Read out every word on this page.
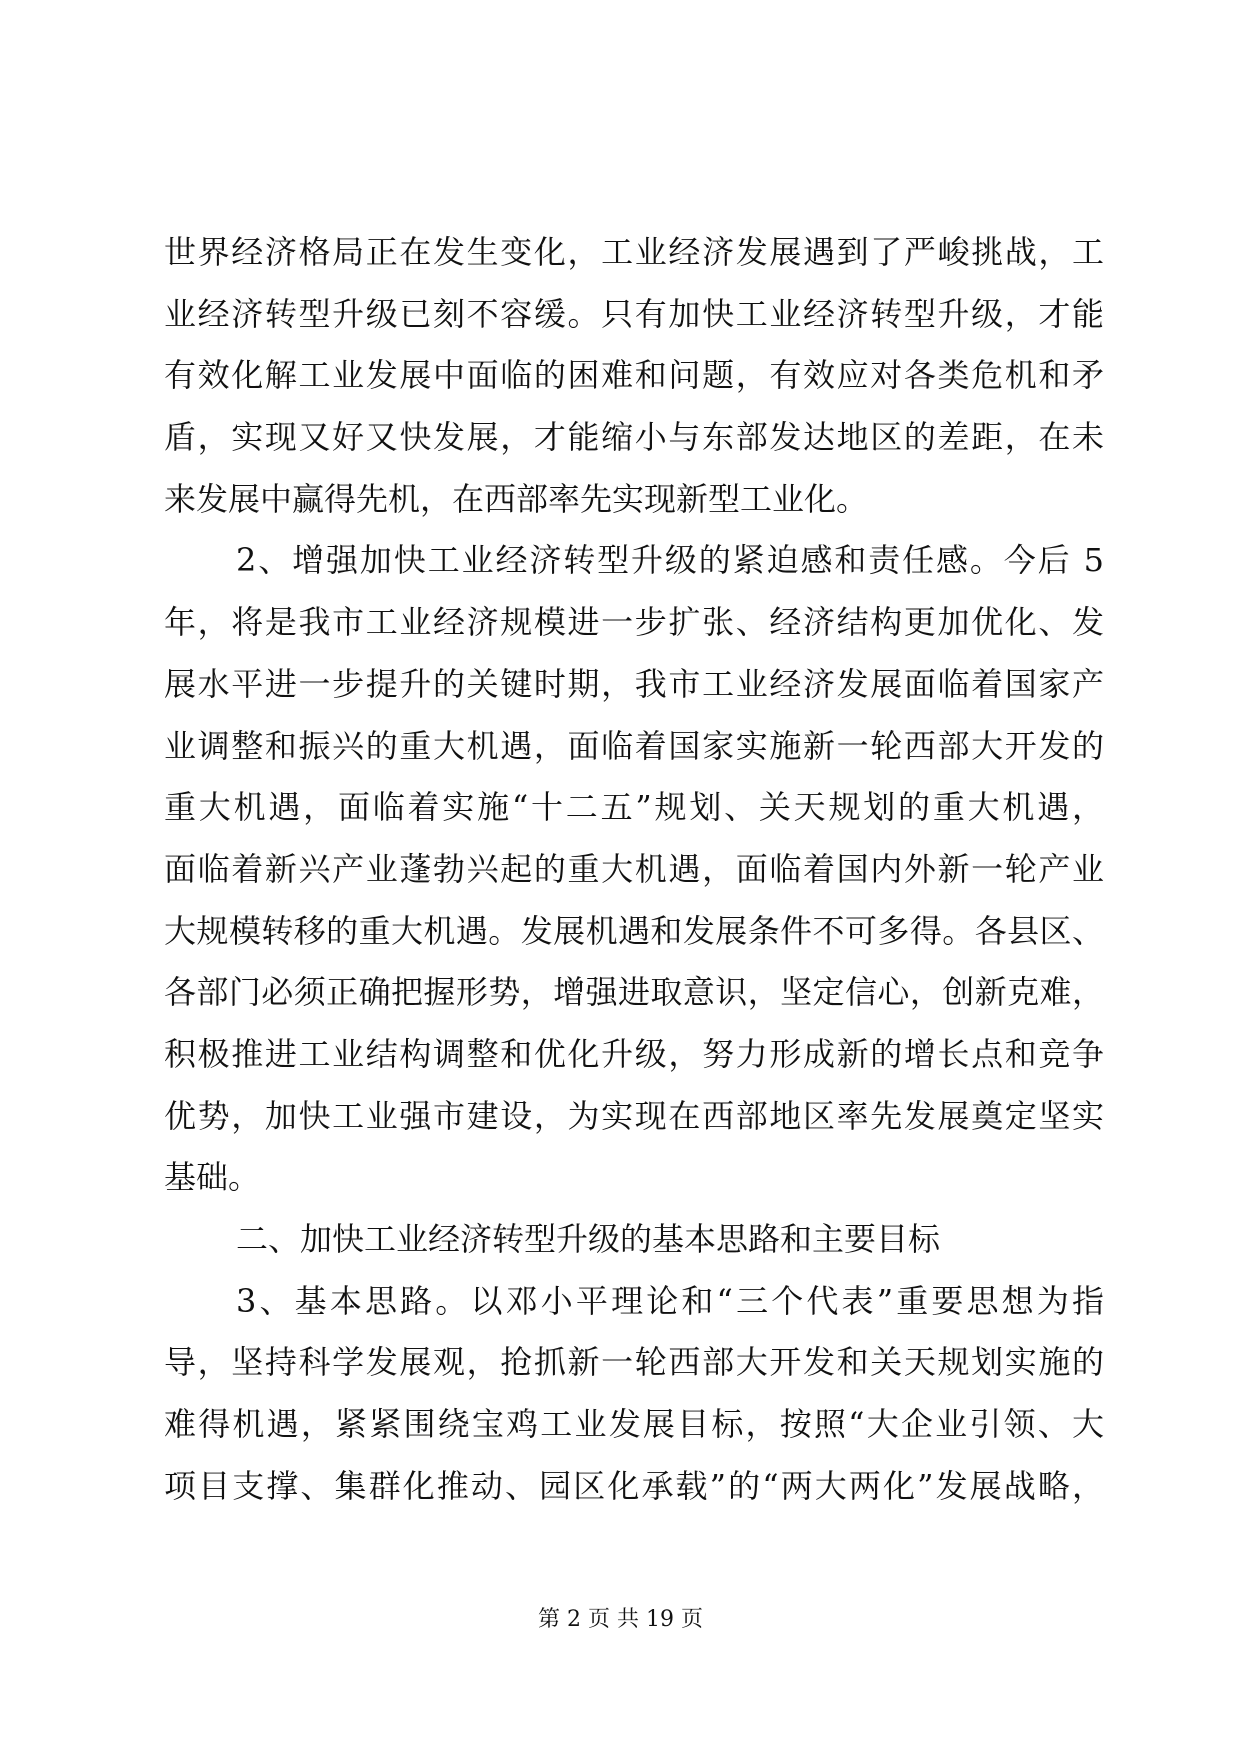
世界经济格局正在发生变化，工业经济发展遇到了严峻挑战，工
业经济转型升级已刻不容缓。只有加快工业经济转型升级，才能
有效化解工业发展中面临的困难和问题，有效应对各类危机和矛
盾，实现又好又快发展，才能缩小与东部发达地区的差距，在未
来发展中赢得先机，在西部率先实现新型工业化。
2、增强加快工业经济转型升级的紧迫感和责任感。今后 5
年，将是我市工业经济规模进一步扩张、经济结构更加优化、发
展水平进一步提升的关键时期，我市工业经济发展面临着国家产
业调整和振兴的重大机遇，面临着国家实施新一轮西部大开发的
重大机遇，面临着实施“十二五”规划、关天规划的重大机遇，
面临着新兴产业蓬勃兴起的重大机遇，面临着国内外新一轮产业
大规模转移的重大机遇。发展机遇和发展条件不可多得。各县区、
各部门必须正确把握形势，增强进取意识，坚定信心，创新克难，
积极推进工业结构调整和优化升级，努力形成新的增长点和竞争
优势，加快工业强市建设，为实现在西部地区率先发展奠定坚实
基础。
二、加快工业经济转型升级的基本思路和主要目标
3、基本思路。以邓小平理论和“三个代表”重要思想为指
导，坚持科学发展观，抢抓新一轮西部大开发和关天规划实施的
难得机遇，紧紧围绕宝鸡工业发展目标，按照“大企业引领、大
项目支撑、集群化推动、园区化承载”的“两大两化”发展战略，
第 2 页 共 19 页
